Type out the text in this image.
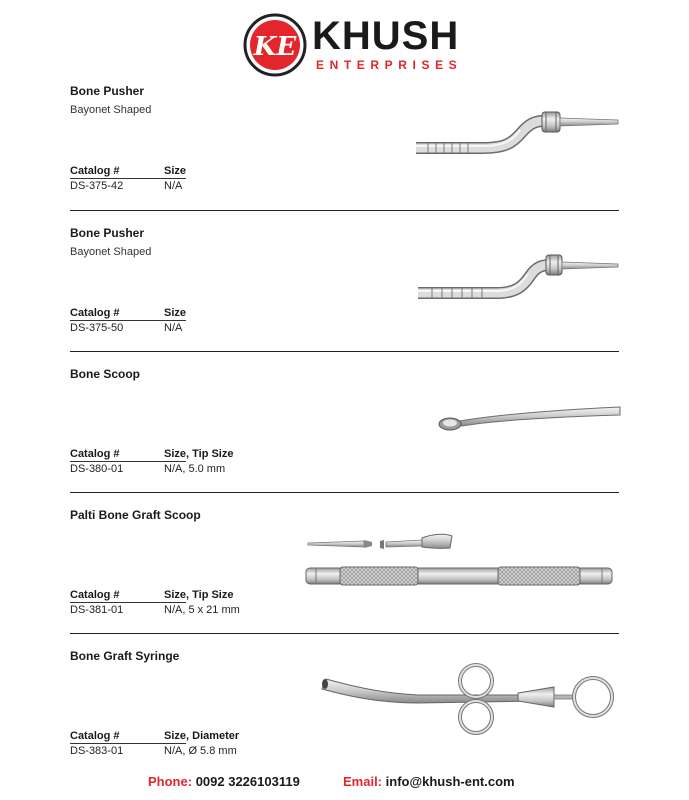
KE KHUSH
ENTERPRISES
Bone Pusher
Bayonet Shaped
Catalog #	Size
DS-375-42	N/A
Bone Pusher
Bayonet Shaped
Catalog #	Size
DS-375-50	N/A
Bone Scoop
Catalog #	Size, Tip Size
DS-380-01	N/A, 5.0 mm
Palti Bone Graft Scoop
Catalog #	Size, Tip Size
DS-381-01	N/A, 5 x 21 mm
Bone Graft Syringe
Catalog #	Size, Diameter
DS-383-01	N/A, Ø 5.8 mm
Phone: 0092 3226103119	Email: info@khush-ent.com
